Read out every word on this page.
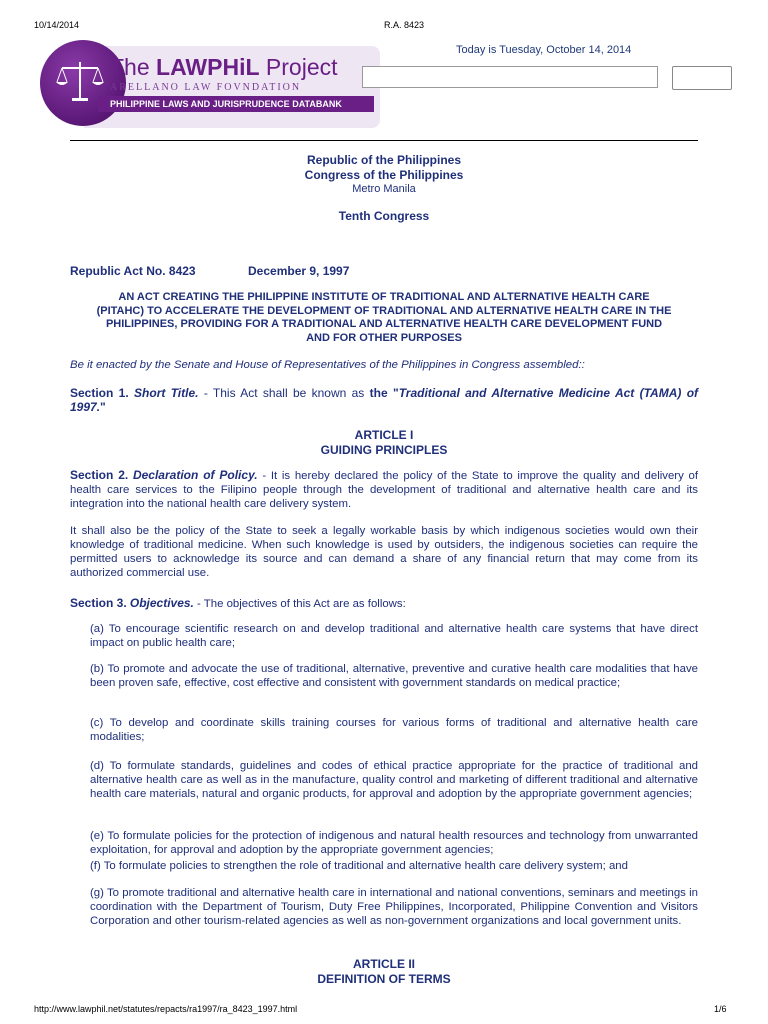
10/14/2014	R.A. 8423
The LAWPHiL Project
ARELLANO LAW FOVNDATION
PHILIPPINE LAWS AND JURISPRUDENCE DATABANK
Today is Tuesday, October 14, 2014
Republic of the Philippines
Congress of the Philippines
Metro Manila
Tenth Congress
Republic Act No. 8423	December 9, 1997
AN ACT CREATING THE PHILIPPINE INSTITUTE OF TRADITIONAL AND ALTERNATIVE HEALTH CARE
(PITAHC) TO ACCELERATE THE DEVELOPMENT OF TRADITIONAL AND ALTERNATIVE HEALTH CARE IN THE
PHILIPPINES, PROVIDING FOR A TRADITIONAL AND ALTERNATIVE HEALTH CARE DEVELOPMENT FUND
AND FOR OTHER PURPOSES
Be it enacted by the Senate and House of Representatives of the Philippines in Congress assembled::
Section 1. Short Title. - This Act shall be known as the "Traditional and Alternative Medicine Act (TAMA) of 1997."
ARTICLE I
GUIDING PRINCIPLES
Section 2. Declaration of Policy. - It is hereby declared the policy of the State to improve the quality and delivery of health care services to the Filipino people through the development of traditional and alternative health care and its integration into the national health care delivery system.
It shall also be the policy of the State to seek a legally workable basis by which indigenous societies would own their knowledge of traditional medicine. When such knowledge is used by outsiders, the indigenous societies can require the permitted users to acknowledge its source and can demand a share of any financial return that may come from its authorized commercial use.
Section 3. Objectives. - The objectives of this Act are as follows:
(a) To encourage scientific research on and develop traditional and alternative health care systems that have direct impact on public health care;
(b) To promote and advocate the use of traditional, alternative, preventive and curative health care modalities that have been proven safe, effective, cost effective and consistent with government standards on medical practice;
(c) To develop and coordinate skills training courses for various forms of traditional and alternative health care modalities;
(d) To formulate standards, guidelines and codes of ethical practice appropriate for the practice of traditional and alternative health care as well as in the manufacture, quality control and marketing of different traditional and alternative health care materials, natural and organic products, for approval and adoption by the appropriate government agencies;
(e) To formulate policies for the protection of indigenous and natural health resources and technology from unwarranted exploitation, for approval and adoption by the appropriate government agencies;
(f) To formulate policies to strengthen the role of traditional and alternative health care delivery system; and
(g) To promote traditional and alternative health care in international and national conventions, seminars and meetings in coordination with the Department of Tourism, Duty Free Philippines, Incorporated, Philippine Convention and Visitors Corporation and other tourism-related agencies as well as non-government organizations and local government units.
ARTICLE II
DEFINITION OF TERMS
http://www.lawphil.net/statutes/repacts/ra1997/ra_8423_1997.html	1/6
